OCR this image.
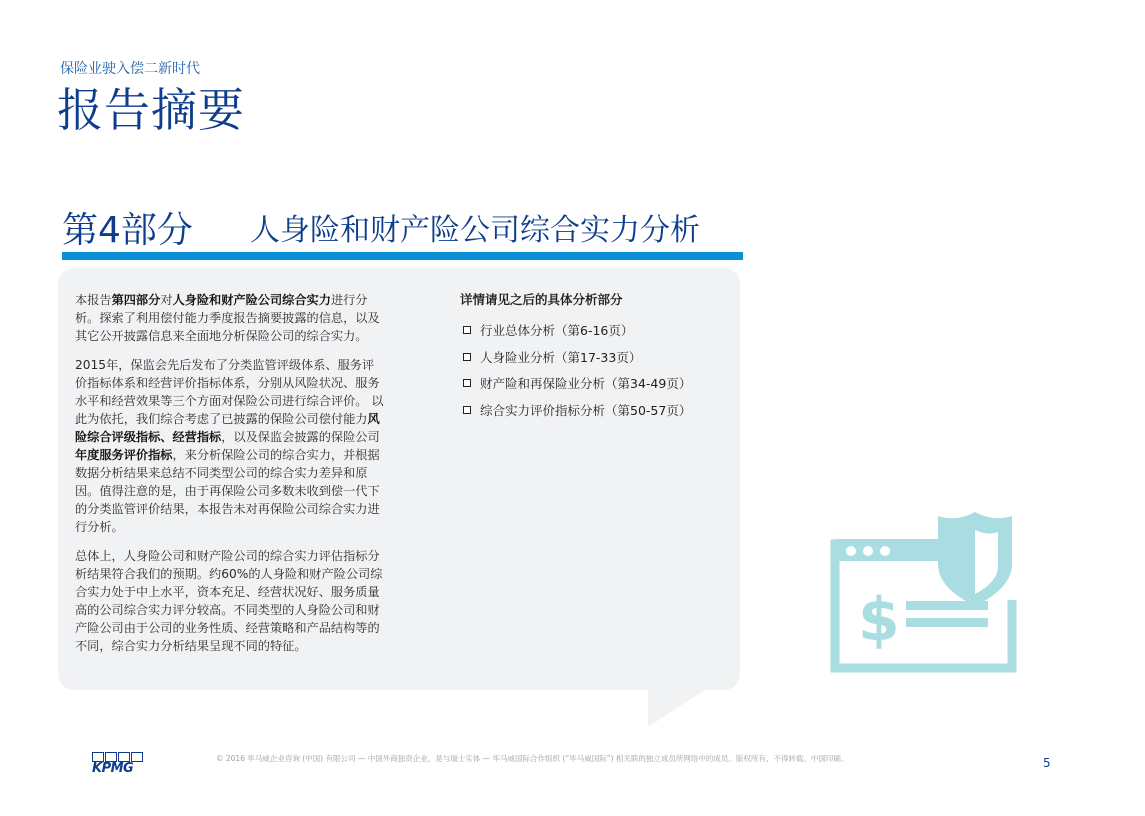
保险业驶入偿二新时代
报告摘要
第4部分 人身险和财产险公司综合实力分析

本报告第四部分对人身险和财产险公司综合实力进行分析。探索了利用偿付能力季度报告摘要披露的信息，以及其它公开披露信息来全面地分析保险公司的综合实力。

2015年，保监会先后发布了分类监管评级体系、服务评价指标体系和经营评价指标体系，分别从风险状况、服务水平和经营效果等三个方面对保险公司进行综合评价。 以此为依托，我们综合考虑了已披露的保险公司偿付能力风险综合评级指标、经营指标，以及保监会披露的保险公司年度服务评价指标，来分析保险公司的综合实力，并根据数据分析结果来总结不同类型公司的综合实力差异和原因。值得注意的是，由于再保险公司多数未收到偿一代下的分类监管评价结果，本报告未对再保险公司综合实力进行分析。

总体上，人身险公司和财产险公司的综合实力评估指标分析结果符合我们的预期。约60%的人身险和财产险公司综合实力处于中上水平，资本充足、经营状况好、服务质量高的公司综合实力评分较高。不同类型的人身险公司和财产险公司由于公司的业务性质、经营策略和产品结构等的不同，综合实力分析结果呈现不同的特征。

详情请见之后的具体分析部分
行业总体分析（第6-16页）
人身险业分析（第17-33页）
财产险和再保险业分析（第34-49页）
综合实力评价指标分析（第50-57页）
$
KPMG
© 2016 毕马威企业咨询 (中国) 有限公司 — 中国外商独资企业，是与瑞士实体 — 毕马威国际合作组织 (“毕马威国际”) 相关联的独立成员所网络中的成员。版权所有，不得转载。中国印刷。	5
